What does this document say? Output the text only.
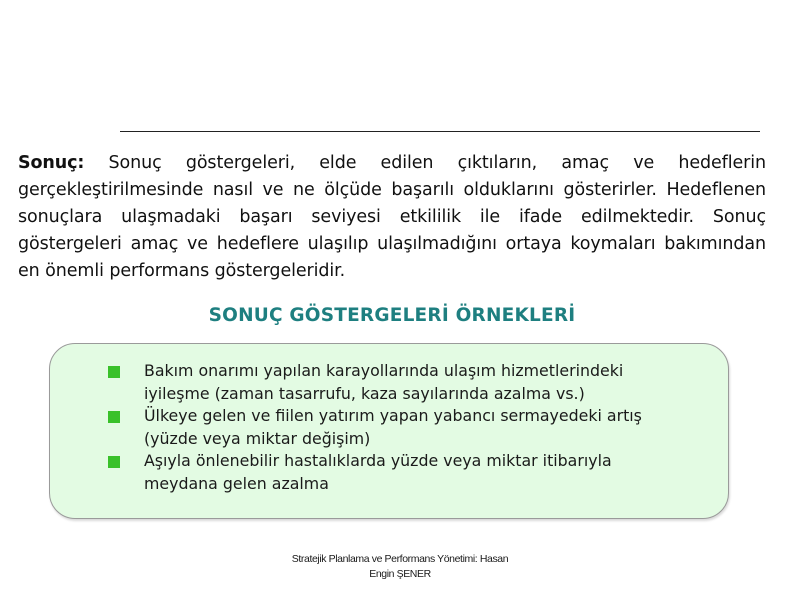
Sonuç: Sonuç göstergeleri, elde edilen çıktıların, amaç ve hedeflerin gerçekleştirilmesinde nasıl ve ne ölçüde başarılı olduklarını gösterirler. Hedeflenen sonuçlara ulaşmadaki başarı seviyesi etkililik ile ifade edilmektedir. Sonuç göstergeleri amaç ve hedeflere ulaşılıp ulaşılmadığını ortaya koymaları bakımından en önemli performans göstergeleridir.

SONUÇ GÖSTERGELERİ ÖRNEKLERİ
Bakım onarımı yapılan karayollarında ulaşım hizmetlerindeki iyileşme (zaman tasarrufu, kaza sayılarında azalma vs.)
Ülkeye gelen ve fiilen yatırım yapan yabancı sermayedeki artış (yüzde veya miktar değişim)
Aşıyla önlenebilir hastalıklarda yüzde veya miktar itibarıyla meydana gelen azalma
Stratejik Planlama ve Performans Yönetimi: Hasan
Engin ŞENER
